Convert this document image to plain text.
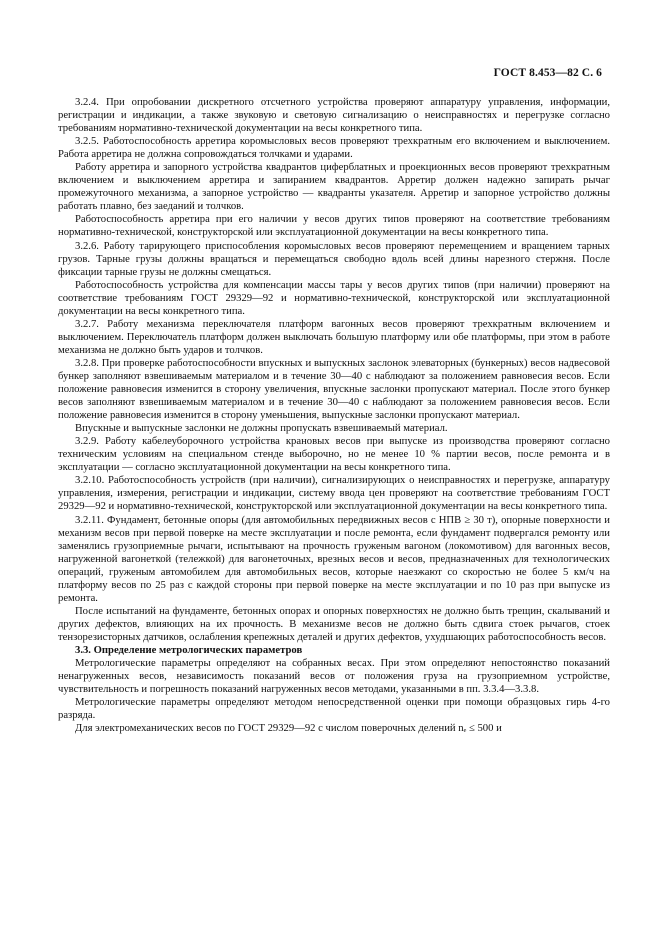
ГОСТ 8.453—82 С. 6

3.2.4. При опробовании дискретного отсчетного устройства проверяют аппаратуру управления, информации, регистрации и индикации, а также звуковую и световую сигнализацию о неисправностях и перегрузке согласно требованиям нормативно-технической документации на весы конкретного типа.

3.2.5. Работоспособность арретира коромысловых весов проверяют трехкратным его включением и выключением. Работа арретира не должна сопровождаться толчками и ударами.

Работу арретира и запорного устройства квадрантов циферблатных и проекционных весов проверяют трехкратным включением и выключением арретира и запиранием квадрантов. Арретир должен надежно запирать рычаг промежуточного механизма, а запорное устройство — квадранты указателя. Арретир и запорное устройство должны работать плавно, без заеданий и толчков.

Работоспособность арретира при его наличии у весов других типов проверяют на соответствие требованиям нормативно-технической, конструкторской или эксплуатационной документации на весы конкретного типа.

3.2.6. Работу тарирующего приспособления коромысловых весов проверяют перемещением и вращением тарных грузов. Тарные грузы должны вращаться и перемещаться свободно вдоль всей длины нарезного стержня. После фиксации тарные грузы не должны смещаться.

Работоспособность устройства для компенсации массы тары у весов других типов (при наличии) проверяют на соответствие требованиям ГОСТ 29329—92 и нормативно-технической, конструкторской или эксплуатационной документации на весы конкретного типа.

3.2.7. Работу механизма переключателя платформ вагонных весов проверяют трехкратным включением и выключением. Переключатель платформ должен выключать большую платформу или обе платформы, при этом в работе механизма не должно быть ударов и толчков.

3.2.8. При проверке работоспособности впускных и выпускных заслонок элеваторных (бункерных) весов надвесовой бункер заполняют взвешиваемым материалом и в течение 30—40 с наблюдают за положением равновесия весов. Если положение равновесия изменится в сторону увеличения, впускные заслонки пропускают материал. После этого бункер весов заполняют взвешиваемым материалом и в течение 30—40 с наблюдают за положением равновесия весов. Если положение равновесия изменится в сторону уменьшения, выпускные заслонки пропускают материал.

Впускные и выпускные заслонки не должны пропускать взвешиваемый материал.

3.2.9. Работу кабелеуборочного устройства крановых весов при выпуске из производства проверяют согласно техническим условиям на специальном стенде выборочно, но не менее 10 % партии весов, после ремонта и в эксплуатации — согласно эксплуатационной документации на весы конкретного типа.

3.2.10. Работоспособность устройств (при наличии), сигнализирующих о неисправностях и перегрузке, аппаратуру управления, измерения, регистрации и индикации, систему ввода цен проверяют на соответствие требованиям ГОСТ 29329—92 и нормативно-технической, конструкторской или эксплуатационной документации на весы конкретного типа.

3.2.11. Фундамент, бетонные опоры (для автомобильных передвижных весов с НПВ ≥ 30 т), опорные поверхности и механизм весов при первой поверке на месте эксплуатации и после ремонта, если фундамент подвергался ремонту или заменялись грузоприемные рычаги, испытывают на прочность груженым вагоном (локомотивом) для вагонных весов, нагруженной вагонеткой (тележкой) для вагонеточных, врезных весов и весов, предназначенных для технологических операций, груженым автомобилем для автомобильных весов, которые наезжают со скоростью не более 5 км/ч на платформу весов по 25 раз с каждой стороны при первой поверке на месте эксплуатации и по 10 раз при выпуске из ремонта.

После испытаний на фундаменте, бетонных опорах и опорных поверхностях не должно быть трещин, скалываний и других дефектов, влияющих на их прочность. В механизме весов не должно быть сдвига стоек рычагов, стоек тензорезисторных датчиков, ослабления крепежных деталей и других дефектов, ухудшающих работоспособность весов.

3.3. Определение метрологических параметров

Метрологические параметры определяют на собранных весах. При этом определяют непостоянство показаний ненагруженных весов, независимость показаний весов от положения груза на грузоприемном устройстве, чувствительность и погрешность показаний нагруженных весов методами, указанными в пп. 3.3.4—3.3.8.

Метрологические параметры определяют методом непосредственной оценки при помощи образцовых гирь 4-го разряда.

Для электромеханических весов по ГОСТ 29329—92 с числом поверочных делений nₑ ≤ 500 и
